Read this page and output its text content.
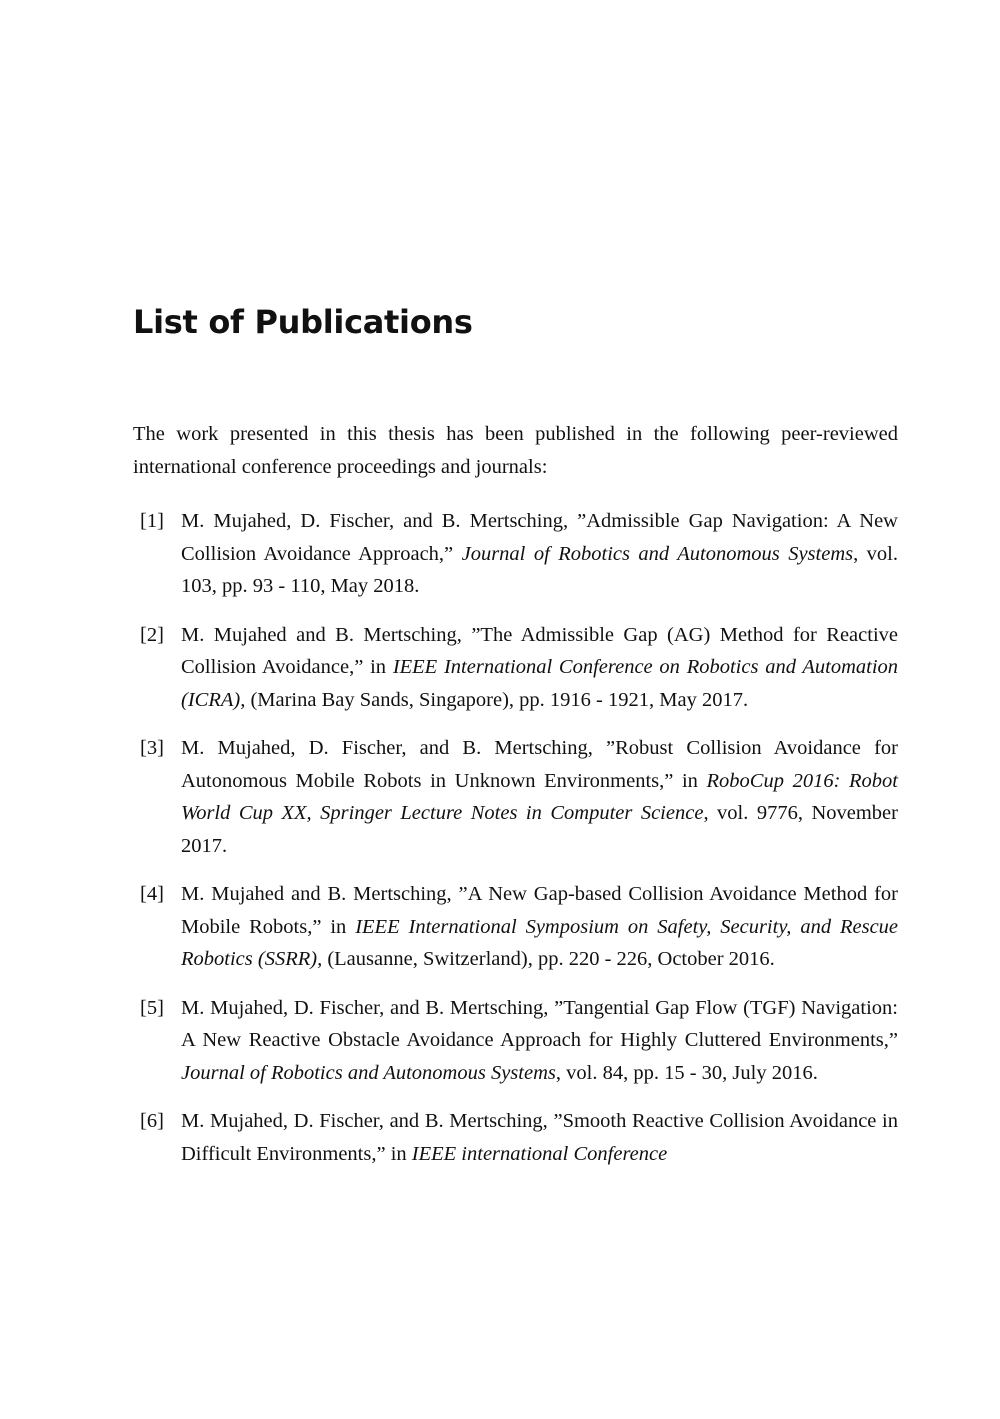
List of Publications

The work presented in this thesis has been published in the following peer-reviewed international conference proceedings and journals:

[1] M. Mujahed, D. Fischer, and B. Mertsching, ”Admissible Gap Navigation: A New Collision Avoidance Approach,” Journal of Robotics and Autonomous Systems, vol. 103, pp. 93 - 110, May 2018.
[2] M. Mujahed and B. Mertsching, ”The Admissible Gap (AG) Method for Reactive Collision Avoidance,” in IEEE International Conference on Robotics and Automation (ICRA), (Marina Bay Sands, Singapore), pp. 1916 - 1921, May 2017.
[3] M. Mujahed, D. Fischer, and B. Mertsching, ”Robust Collision Avoidance for Autonomous Mobile Robots in Unknown Environments,” in RoboCup 2016: Robot World Cup XX, Springer Lecture Notes in Computer Science, vol. 9776, November 2017.
[4] M. Mujahed and B. Mertsching, ”A New Gap-based Collision Avoidance Method for Mobile Robots,” in IEEE International Symposium on Safety, Security, and Rescue Robotics (SSRR), (Lausanne, Switzerland), pp. 220 - 226, October 2016.
[5] M. Mujahed, D. Fischer, and B. Mertsching, ”Tangential Gap Flow (TGF) Navigation: A New Reactive Obstacle Avoidance Approach for Highly Cluttered Environments,” Journal of Robotics and Autonomous Systems, vol. 84, pp. 15 - 30, July 2016.
[6] M. Mujahed, D. Fischer, and B. Mertsching, ”Smooth Reactive Collision Avoidance in Difficult Environments,” in IEEE international Conference
